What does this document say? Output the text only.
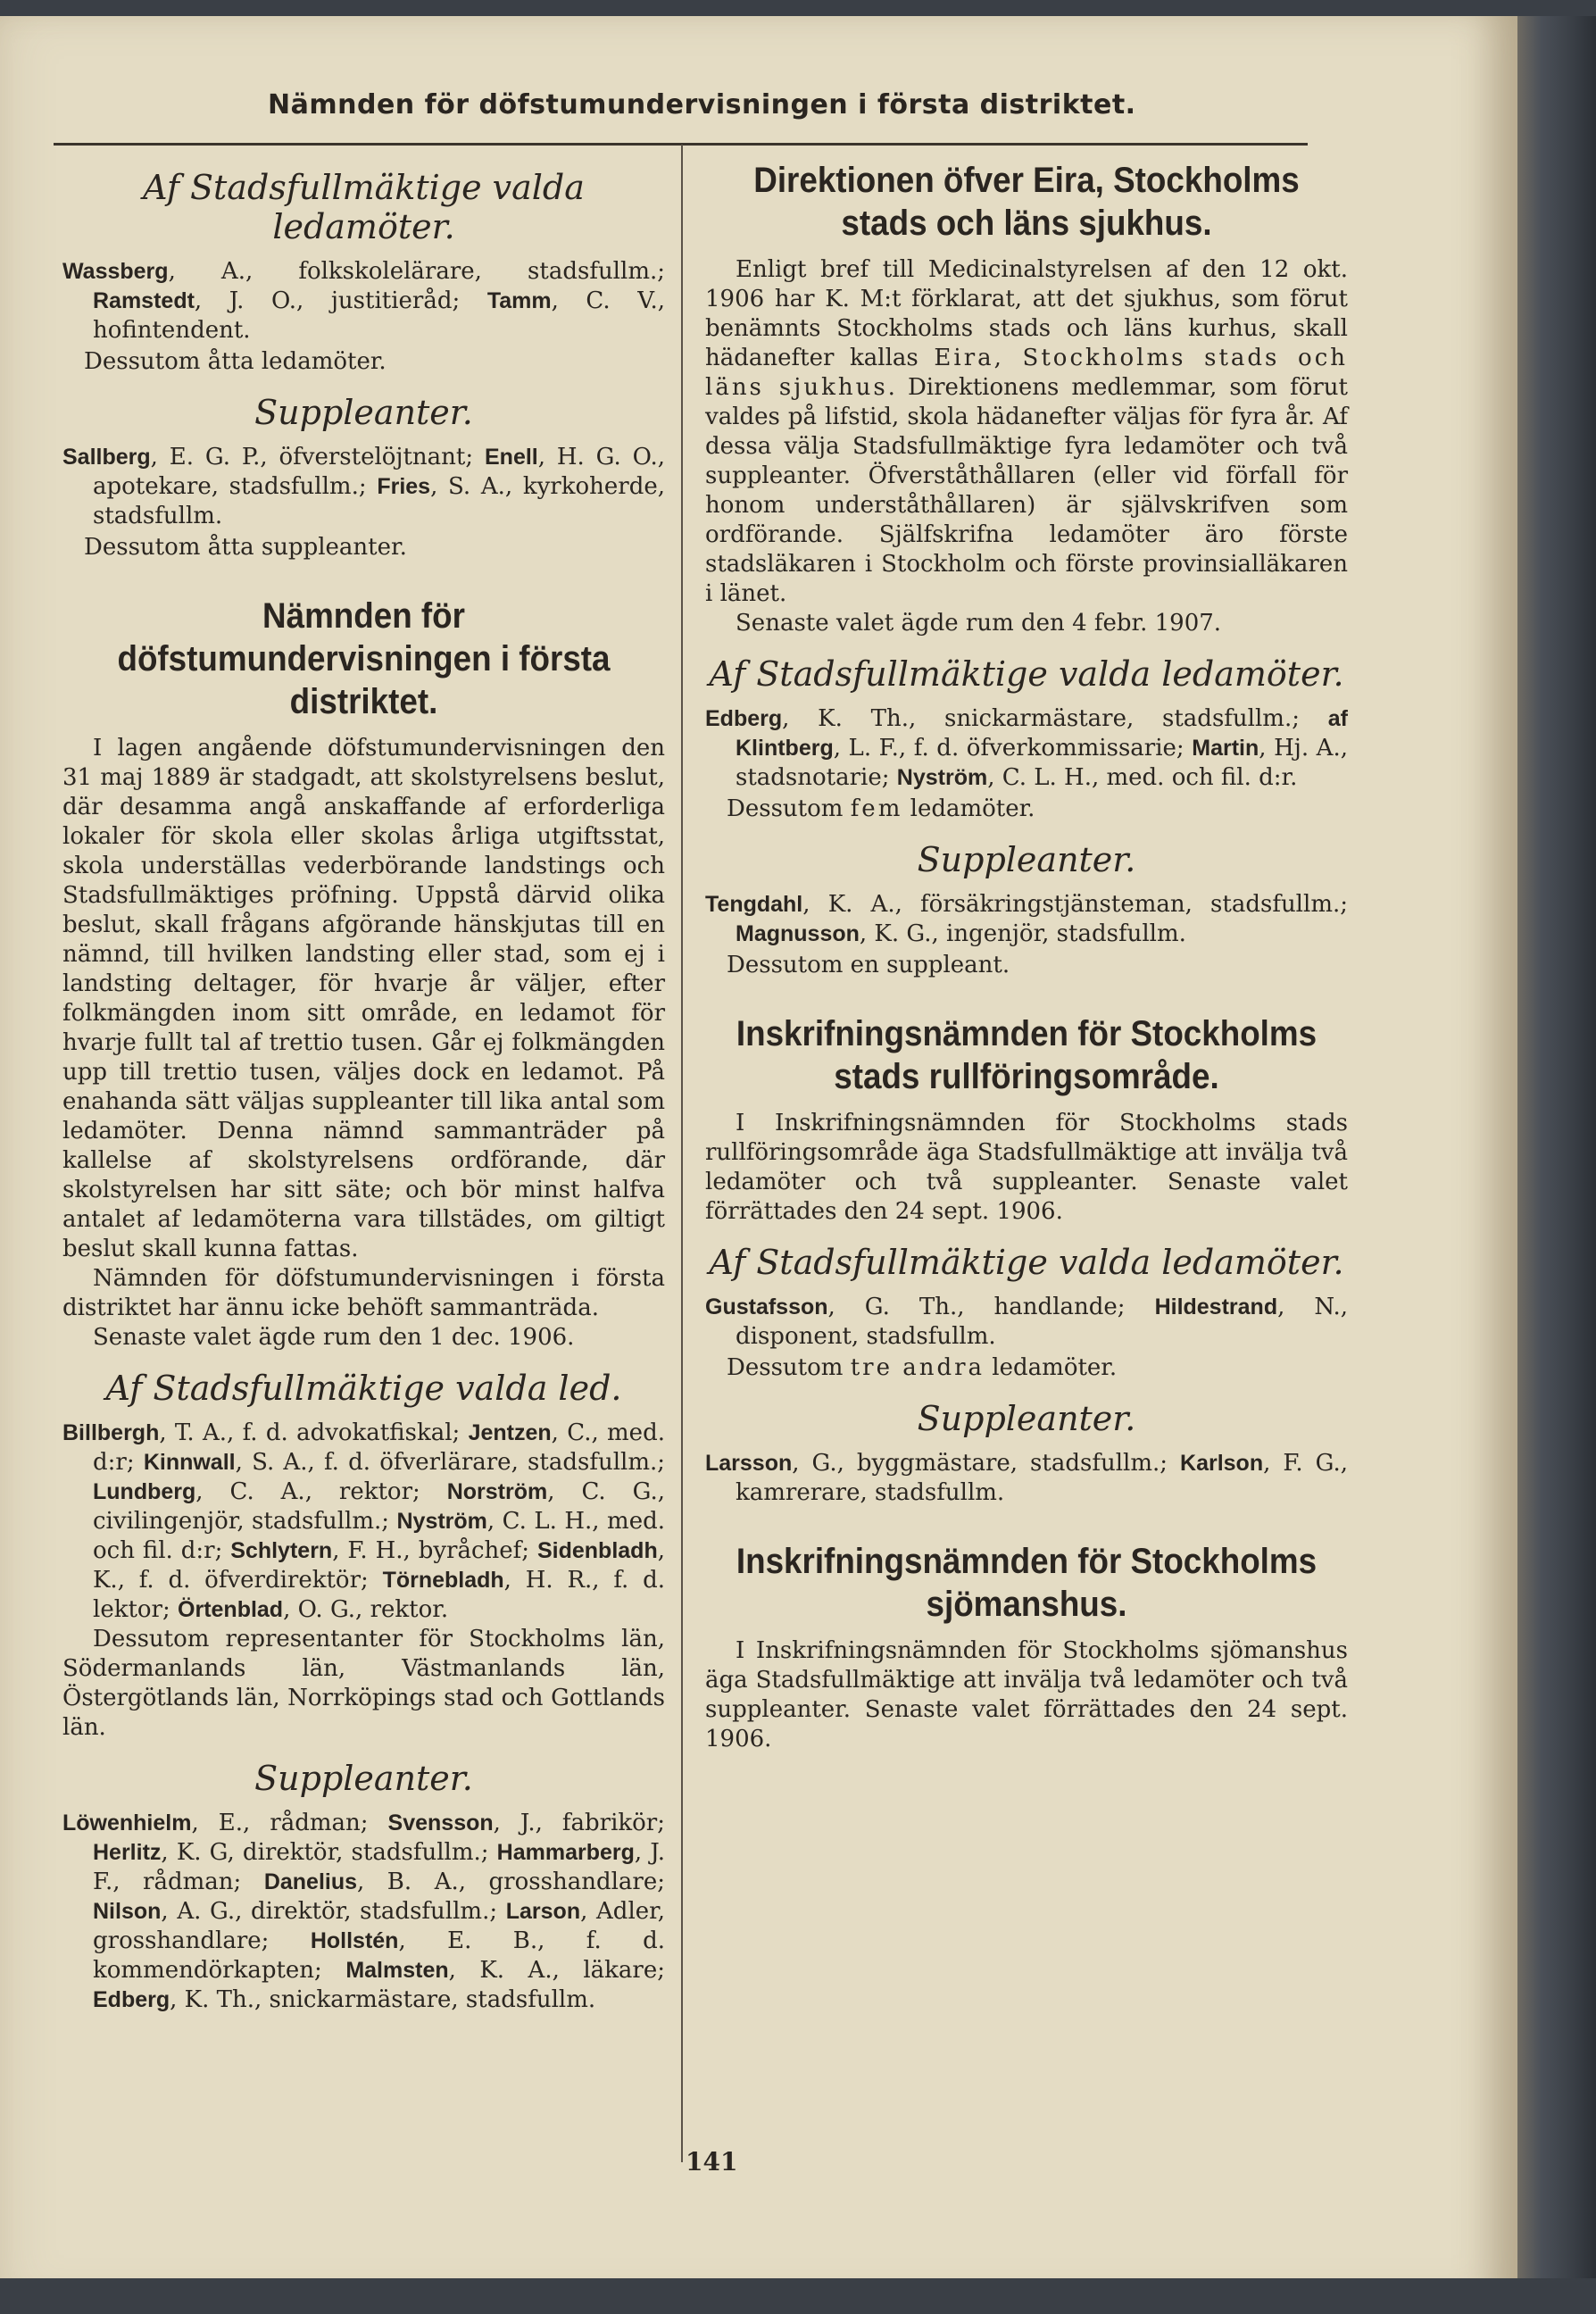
Nämnden för döfstumundervisningen i första distriktet.
Af Stadsfullmäktige valda ledamöter.

Wassberg, A., folkskolelärare, stadsfullm.; Ramstedt, J. O., justitieråd; Tamm, C. V., hofintendent.

Dessutom åtta ledamöter.

Suppleanter.

Sallberg, E. G. P., öfverstelöjtnant; Enell, H. G. O., apotekare, stadsfullm.; Fries, S. A., kyrkoherde, stadsfullm.

Dessutom åtta suppleanter.

Nämnden för döfstumundervisningen i första distriktet.

I lagen angående döfstumundervisningen den 31 maj 1889 är stadgadt, att skolstyrelsens beslut, där desamma angå anskaffande af erforderliga lokaler för skola eller skolas årliga utgiftsstat, skola underställas vederbörande landstings och Stadsfullmäktiges pröfning. Uppstå därvid olika beslut, skall frågans afgörande hänskjutas till en nämnd, till hvilken landsting eller stad, som ej i landsting deltager, för hvarje år väljer, efter folkmängden inom sitt område, en ledamot för hvarje fullt tal af trettio tusen. Går ej folkmängden upp till trettio tusen, väljes dock en ledamot. På enahanda sätt väljas suppleanter till lika antal som ledamöter. Denna nämnd sammanträder på kallelse af skolstyrelsens ordförande, där skolstyrelsen har sitt säte; och bör minst halfva antalet af ledamöterna vara tillstädes, om giltigt beslut skall kunna fattas.

Nämnden för döfstumundervisningen i första distriktet har ännu icke behöft sammanträda.

Senaste valet ägde rum den 1 dec. 1906.

Af Stadsfullmäktige valda led.

Billbergh, T. A., f. d. advokatfiskal; Jentzen, C., med. d:r; Kinnwall, S. A., f. d. öfverlärare, stadsfullm.; Lundberg, C. A., rektor; Norström, C. G., civilingenjör, stadsfullm.; Nyström, C. L. H., med. och fil. d:r; Schlytern, F. H., byråchef; Sidenbladh, K., f. d. öfverdirektör; Törnebladh, H. R., f. d. lektor; Örtenblad, O. G., rektor.

Dessutom representanter för Stockholms län, Södermanlands län, Västmanlands län, Östergötlands län, Norrköpings stad och Gottlands län.

Suppleanter.

Löwenhielm, E., rådman; Svensson, J., fabrikör; Herlitz, K. G, direktör, stadsfullm.; Hammarberg, J. F., rådman; Danelius, B. A., grosshandlare; Nilson, A. G., direktör, stadsfullm.; Larson, Adler, grosshandlare; Hollstén, E. B., f. d. kommendörkapten; Malmsten, K. A., läkare; Edberg, K. Th., snickarmästare, stadsfullm.

Direktionen öfver Eira, Stockholms stads och läns sjukhus.

Enligt bref till Medicinalstyrelsen af den 12 okt. 1906 har K. M:t förklarat, att det sjukhus, som förut benämnts Stockholms stads och läns kurhus, skall hädanefter kallas Eira, Stockholms stads och läns sjukhus. Direktionens medlemmar, som förut valdes på lifstid, skola hädanefter väljas för fyra år. Af dessa välja Stadsfullmäktige fyra ledamöter och två suppleanter. Öfverståthållaren (eller vid förfall för honom underståthållaren) är självskrifven som ordförande. Själfskrifna ledamöter äro förste stadsläkaren i Stockholm och förste provinsialläkaren i länet.

Senaste valet ägde rum den 4 febr. 1907.

Af Stadsfullmäktige valda ledamöter.

Edberg, K. Th., snickarmästare, stadsfullm.; af Klintberg, L. F., f. d. öfverkommissarie; Martin, Hj. A., stadsnotarie; Nyström, C. L. H., med. och fil. d:r.

Dessutom fem ledamöter.

Suppleanter.

Tengdahl, K. A., försäkringstjänsteman, stadsfullm.; Magnusson, K. G., ingenjör, stadsfullm.

Dessutom en suppleant.

Inskrifningsnämnden för Stockholms stads rullföringsområde.

I Inskrifningsnämnden för Stockholms stads rullföringsområde äga Stadsfullmäktige att invälja två ledamöter och två suppleanter. Senaste valet förrättades den 24 sept. 1906.

Af Stadsfullmäktige valda ledamöter.

Gustafsson, G. Th., handlande; Hildestrand, N., disponent, stadsfullm.

Dessutom tre andra ledamöter.

Suppleanter.

Larsson, G., byggmästare, stadsfullm.; Karlson, F. G., kamrerare, stadsfullm.

Inskrifningsnämnden för Stockholms sjömanshus.

I Inskrifningsnämnden för Stockholms sjömanshus äga Stadsfullmäktige att invälja två ledamöter och två suppleanter. Senaste valet förrättades den 24 sept. 1906.

141
